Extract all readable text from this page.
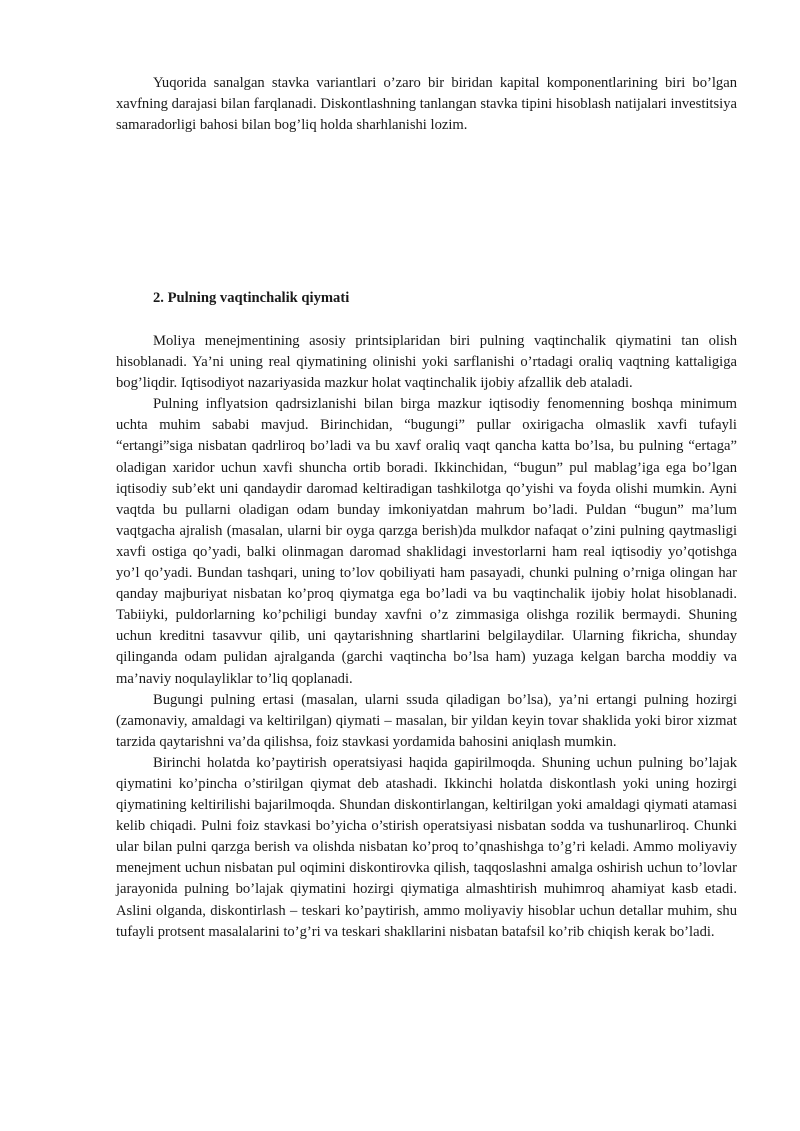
Yuqorida sanalgan stavka variantlari o’zaro bir biridan kapital komponentlarining biri bo’lgan xavfning darajasi bilan farqlanadi. Diskontlashning tanlangan stavka tipini hisoblash natijalari investitsiya samaradorligi bahosi bilan bog’liq holda sharhlanishi lozim.

2. Pulning vaqtinchalik qiymati

Moliya menejmentining asosiy printsiplaridan biri pulning vaqtinchalik qiymatini tan olish hisoblanadi. Ya’ni uning real qiymatining olinishi yoki sarflanishi o’rtadagi oraliq vaqtning kattaligiga bog’liqdir. Iqtisodiyot nazariyasida mazkur holat vaqtinchalik ijobiy afzallik deb ataladi.

Pulning inflyatsion qadrsizlanishi bilan birga mazkur iqtisodiy fenomenning boshqa minimum uchta muhim sababi mavjud. Birinchidan, “bugungi” pullar oxirigacha olmaslik xavfi tufayli “ertangi”siga nisbatan qadrliroq bo’ladi va bu xavf oraliq vaqt qancha katta bo’lsa, bu pulning “ertaga” oladigan xaridor uchun xavfi shuncha ortib boradi. Ikkinchidan, “bugun” pul mablag’iga ega bo’lgan iqtisodiy sub’ekt uni qandaydir daromad keltiradigan tashkilotga qo’yishi va foyda olishi mumkin. Ayni vaqtda bu pullarni oladigan odam bunday imkoniyatdan mahrum bo’ladi. Puldan “bugun” ma’lum vaqtgacha ajralish (masalan, ularni bir oyga qarzga berish)da mulkdor nafaqat o’zini pulning qaytmasligi xavfi ostiga qo’yadi, balki olinmagan daromad shaklidagi investorlarni ham real iqtisodiy yo’qotishga yo’l qo’yadi. Bundan tashqari, uning to’lov qobiliyati ham pasayadi, chunki pulning o’rniga olingan har qanday majburiyat nisbatan ko’proq qiymatga ega bo’ladi va bu vaqtinchalik ijobiy holat hisoblanadi. Tabiiyki, puldorlarning ko’pchiligi bunday xavfni o’z zimmasiga olishga rozilik bermaydi. Shuning uchun kreditni tasavvur qilib, uni qaytarishning shartlarini belgilaydilar. Ularning fikricha, shunday qilinganda odam pulidan ajralganda (garchi vaqtincha bo’lsa ham) yuzaga kelgan barcha moddiy va ma’naviy noqulayliklar to’liq qoplanadi.

Bugungi pulning ertasi (masalan, ularni ssuda qiladigan bo’lsa), ya’ni ertangi pulning hozirgi (zamonaviy, amaldagi va keltirilgan) qiymati – masalan, bir yildan keyin tovar shaklida yoki biror xizmat tarzida qaytarishni va’da qilishsa, foiz stavkasi yordamida bahosini aniqlash mumkin.

Birinchi holatda ko’paytirish operatsiyasi haqida gapirilmoqda. Shuning uchun pulning bo’lajak qiymatini ko’pincha o’stirilgan qiymat deb atashadi. Ikkinchi holatda diskontlash yoki uning hozirgi qiymatining keltirilishi bajarilmoqda. Shundan diskontirlangan, keltirilgan yoki amaldagi qiymati atamasi kelib chiqadi. Pulni foiz stavkasi bo’yicha o’stirish operatsiyasi nisbatan sodda va tushunarliroq. Chunki ular bilan pulni qarzga berish va olishda nisbatan ko’proq to’qnashishga to’g’ri keladi. Ammo moliyaviy menejment uchun nisbatan pul oqimini diskontirovka qilish, taqqoslashni amalga oshirish uchun to’lovlar jarayonida pulning bo’lajak qiymatini hozirgi qiymatiga almashtirish muhimroq ahamiyat kasb etadi. Aslini olganda, diskontirlash – teskari ko’paytirish, ammo moliyaviy hisoblar uchun detallar muhim, shu tufayli protsent masalalarini to’g’ri va teskari shakllarini nisbatan batafsil ko’rib chiqish kerak bo’ladi.
